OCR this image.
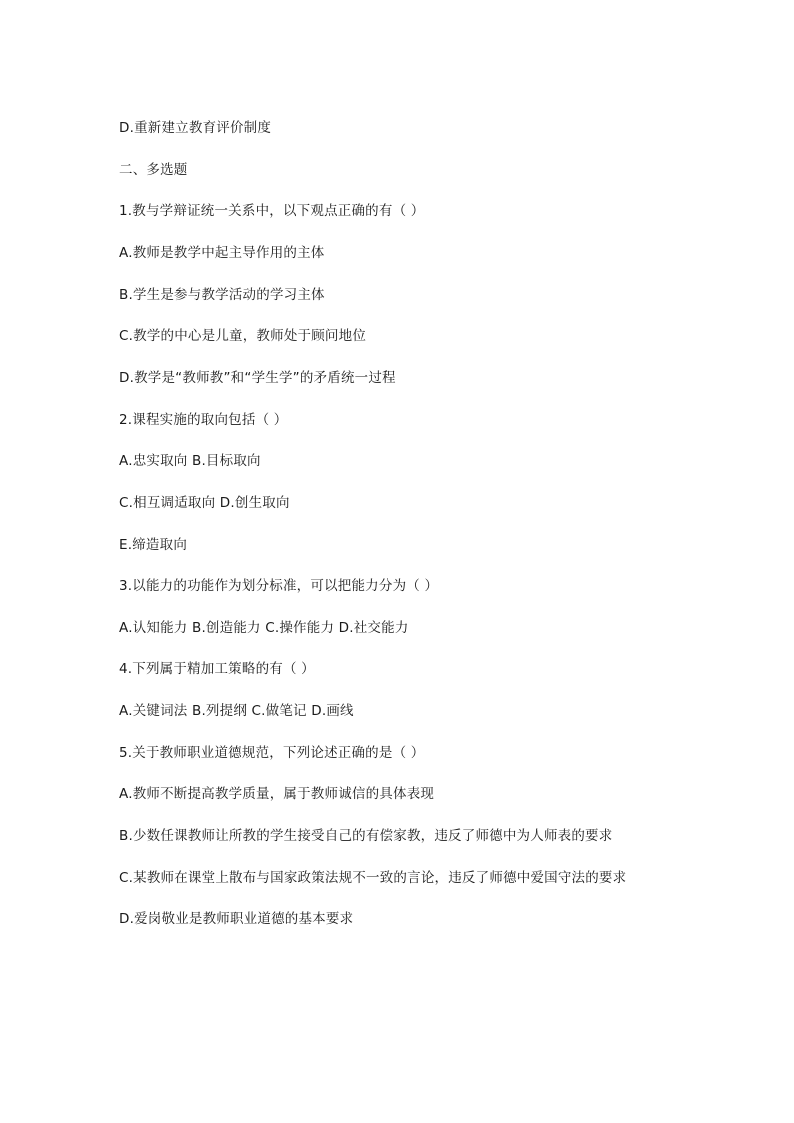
D.重新建立教育评价制度
二、多选题
1.教与学辩证统一关系中，以下观点正确的有（ ）
A.教师是教学中起主导作用的主体
B.学生是参与教学活动的学习主体
C.教学的中心是儿童，教师处于顾问地位
D.教学是“教师教”和“学生学”的矛盾统一过程
2.课程实施的取向包括（ ）
A.忠实取向 B.目标取向
C.相互调适取向 D.创生取向
E.缔造取向
3.以能力的功能作为划分标准，可以把能力分为（ ）
A.认知能力 B.创造能力 C.操作能力 D.社交能力
4.下列属于精加工策略的有（ ）
A.关键词法 B.列提纲 C.做笔记 D.画线
5.关于教师职业道德规范，下列论述正确的是（ ）
A.教师不断提高教学质量，属于教师诚信的具体表现
B.少数任课教师让所教的学生接受自己的有偿家教，违反了师德中为人师表的要求
C.某教师在课堂上散布与国家政策法规不一致的言论，违反了师德中爱国守法的要求
D.爱岗敬业是教师职业道德的基本要求
